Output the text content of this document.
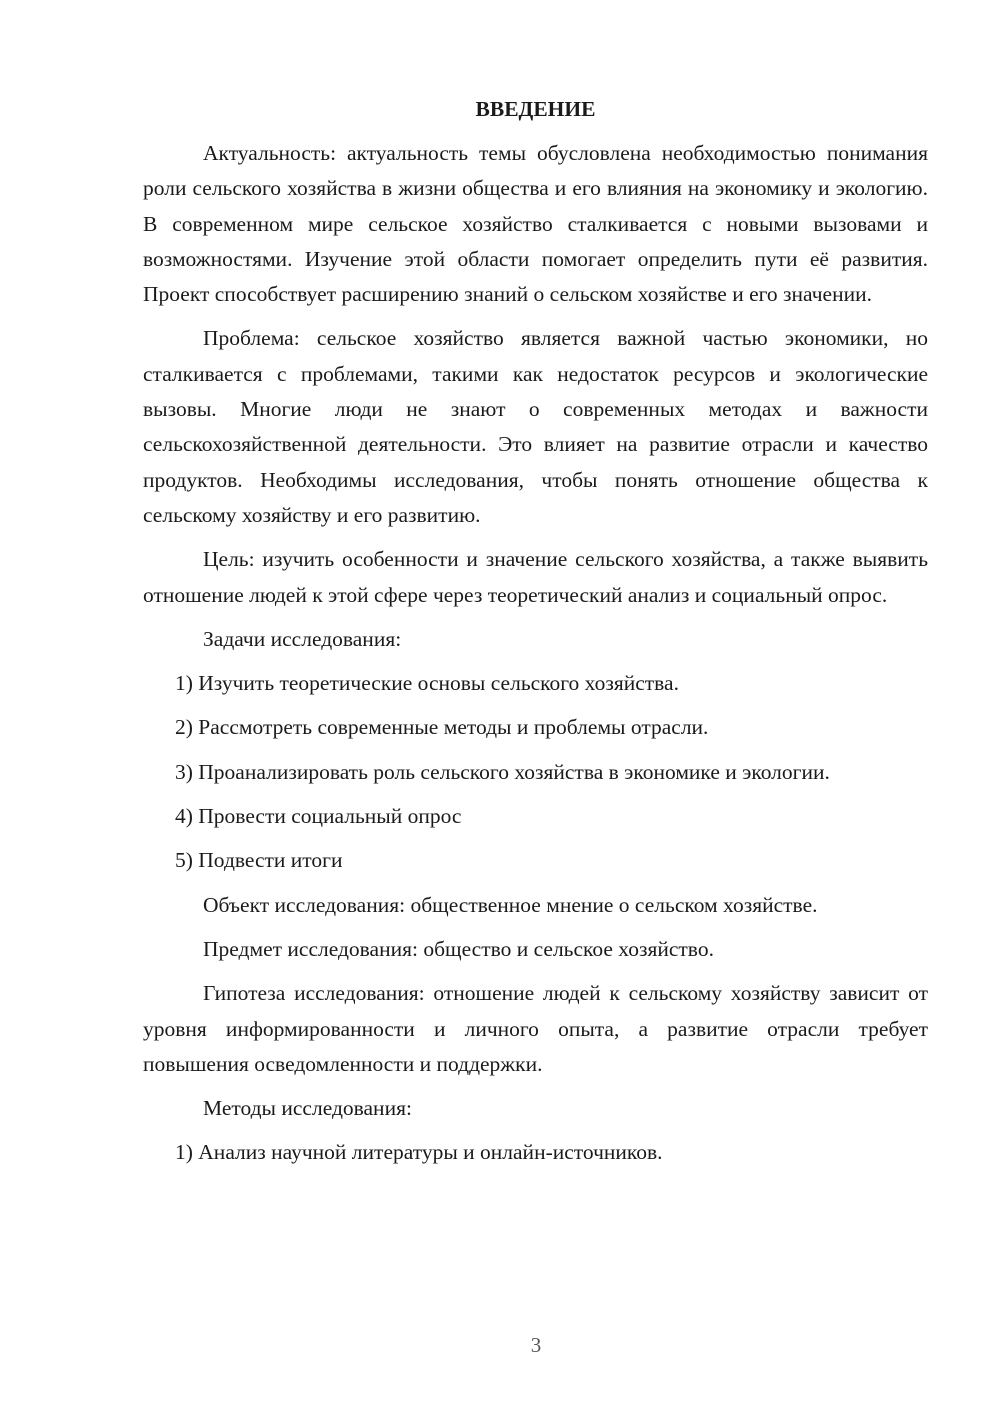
ВВЕДЕНИЕ

Актуальность: актуальность темы обусловлена необходимостью понимания роли сельского хозяйства в жизни общества и его влияния на экономику и экологию. В современном мире сельское хозяйство сталкивается с новыми вызовами и возможностями. Изучение этой области помогает определить пути её развития. Проект способствует расширению знаний о сельском хозяйстве и его значении.

Проблема: сельское хозяйство является важной частью экономики, но сталкивается с проблемами, такими как недостаток ресурсов и экологические вызовы. Многие люди не знают о современных методах и важности сельскохозяйственной деятельности. Это влияет на развитие отрасли и качество продуктов. Необходимы исследования, чтобы понять отношение общества к сельскому хозяйству и его развитию.

Цель: изучить особенности и значение сельского хозяйства, а также выявить отношение людей к этой сфере через теоретический анализ и социальный опрос.

Задачи исследования:

1) Изучить теоретические основы сельского хозяйства.

2) Рассмотреть современные методы и проблемы отрасли.

3) Проанализировать роль сельского хозяйства в экономике и экологии.

4) Провести социальный опрос

5) Подвести итоги

Объект исследования: общественное мнение о сельском хозяйстве.

Предмет исследования: общество и сельское хозяйство.

Гипотеза исследования: отношение людей к сельскому хозяйству зависит от уровня информированности и личного опыта, а развитие отрасли требует повышения осведомленности и поддержки.

Методы исследования:

1) Анализ научной литературы и онлайн-источников.

3
